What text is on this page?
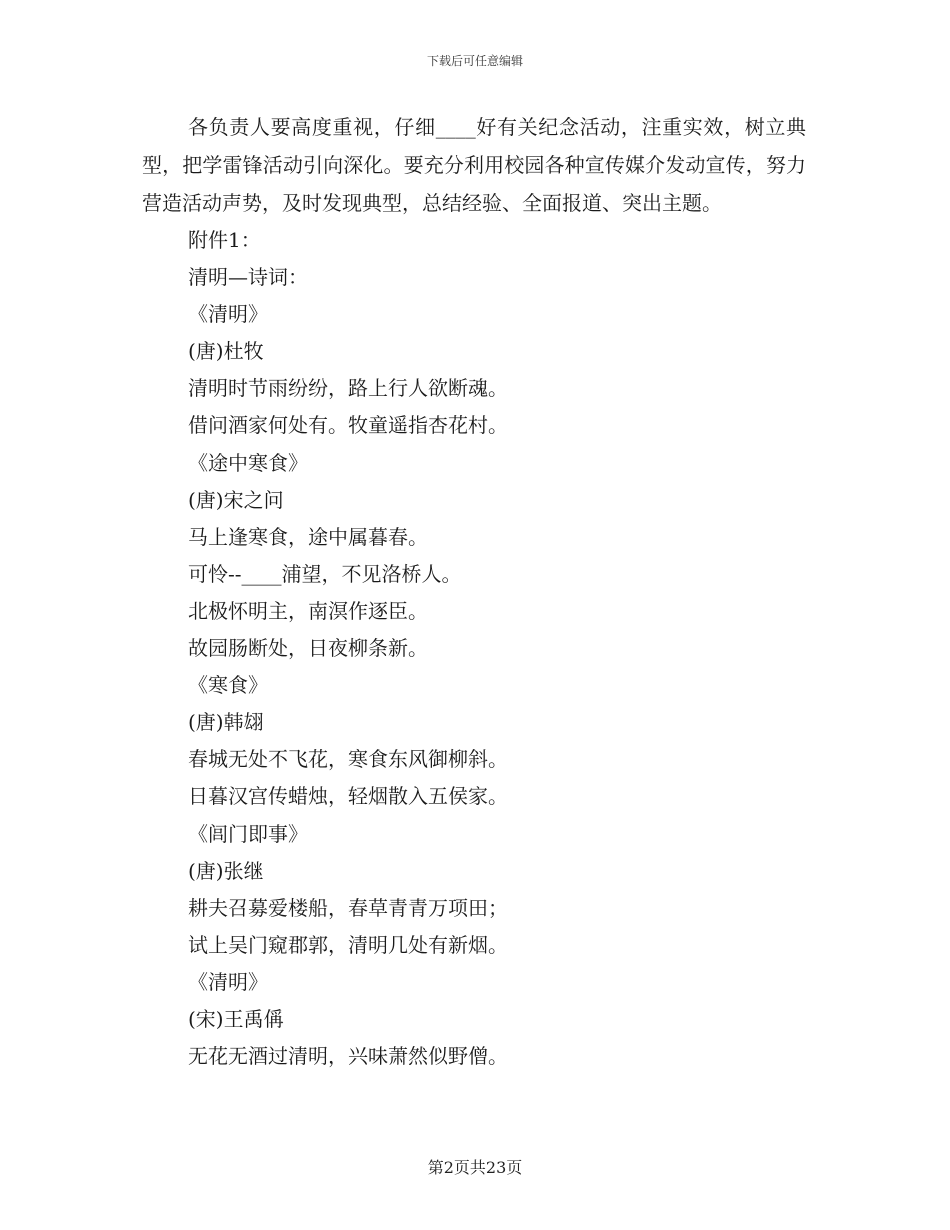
下载后可任意编辑

各负责人要高度重视，仔细____好有关纪念活动，注重实效，树立典型，把学雷锋活动引向深化。要充分利用校园各种宣传媒介发动宣传，努力营造活动声势，及时发现典型，总结经验、全面报道、突出主题。

附件1：
清明—诗词：
《清明》
(唐)杜牧
清明时节雨纷纷，路上行人欲断魂。
借问酒家何处有。牧童遥指杏花村。
《途中寒食》
(唐)宋之问
马上逢寒食，途中属暮春。
可怜--____浦望，不见洛桥人。
北极怀明主，南溟作逐臣。
故园肠断处，日夜柳条新。
《寒食》
(唐)韩翃
春城无处不飞花，寒食东风御柳斜。
日暮汉宫传蜡烛，轻烟散入五侯家。
《闾门即事》
(唐)张继
耕夫召募爱楼船，春草青青万项田；
试上吴门窥郡郭，清明几处有新烟。
《清明》
(宋)王禹偁
无花无酒过清明，兴味萧然似野僧。
第2页共23页
